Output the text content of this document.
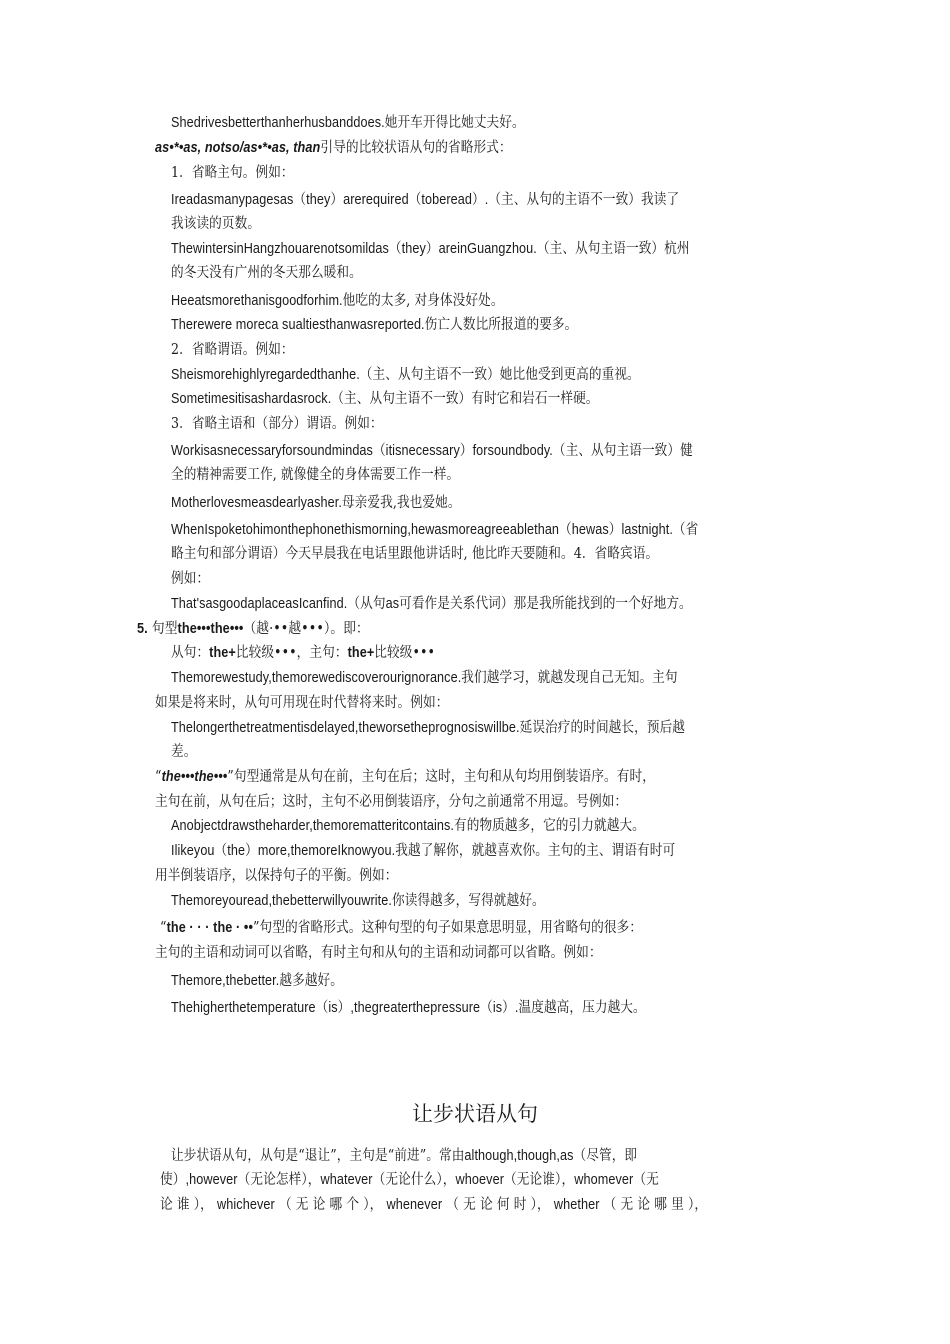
Shedrivesbetterthanherhusbanddoes.她开车开得比她丈夫好。
as•*•as, notso/as•*•as, than引导的比较状语从句的省略形式：
1．省略主句。例如：
Ireadasmanypagesas（they）arerequired（toberead）.（主、从句的主语不一致）我读了
我该读的页数。
ThewintersinHangzhouarenotsomildas（they）areinGuangzhou.（主、从句主语一致）杭州
的冬天没有广州的冬天那么暖和。
Heeatsmorethanisgoodforhim.他吃的太多, 对身体没好处。
Therewere moreca sualtiesthanwasreported.伤亡人数比所报道的要多。
2．省略谓语。例如：
Sheismorehighlyregardedthanhe.（主、从句主语不一致）她比他受到更高的重视。
Sometimesitisashardasrock.（主、从句主语不一致）有时它和岩石一样硬。
3．省略主语和（部分）谓语。例如：
Workisasnecessaryforsoundmindas（itisnecessary）forsoundbody.（主、从句主语一致）健
全的精神需要工作, 就像健全的身体需要工作一样。
Motherlovesmeasdearlyasher.母亲爱我,我也爱她。
WhenIspoketohimonthephonethismorning,hewasmoreagreeablethan（hewas）lastnight.（省
略主句和部分谓语）今天早晨我在电话里跟他讲话时, 他比昨天要随和。4．省略宾语。
例如：
That'sasgoodaplaceasIcanfind.（从句as可看作是关系代词）那是我所能找到的一个好地方。
5. 句型the•••the•••（越·••越•••）。即：
从句：the+比较级•••，主句：the+比较级•••
Themorewestudy,themorewediscoverourignorance.我们越学习，就越发现自己无知。主句
如果是将来时，从句可用现在时代替将来时。例如：
Thelongerthetreatmentisdelayed,theworsetheprognosiswillbe.延误治疗的时间越长，预后越
差。
“the•••the•••”句型通常是从句在前，主句在后；这时，主句和从句均用倒装语序。有时，
主句在前，从句在后；这时，主句不必用倒装语序，分句之前通常不用逗。号例如：
Anobjectdrawstheharder,themorematteritcontains.有的物质越多，它的引力就越大。
Ilikeyou（the）more,themoreIknowyou.我越了解你，就越喜欢你。主句的主、谓语有时可
用半倒装语序，以保持句子的平衡。例如：
Themoreyouread,thebetterwillyouwrite.你读得越多，写得就越好。
“the · · · the · ••”句型的省略形式。这种句型的句子如果意思明显，用省略句的很多：
主句的主语和动词可以省略，有时主句和从句的主语和动词都可以省略。例如：
Themore,thebetter.越多越好。
Thehigherthetemperature（is）,thegreaterthepressure（is）.温度越高，压力越大。
让步状语从句，从句是“退让”，主句是“前进”。常由although,though,as（尽管，即
使）,however（无论怎样），whatever（无论什么），whoever（无论谁），whomever（无
论 谁 ）， whichever （ 无 论 哪 个 ）， whenever （ 无 论 何 时 ）， whether （ 无 论 哪 里 ），
让步状语从句
